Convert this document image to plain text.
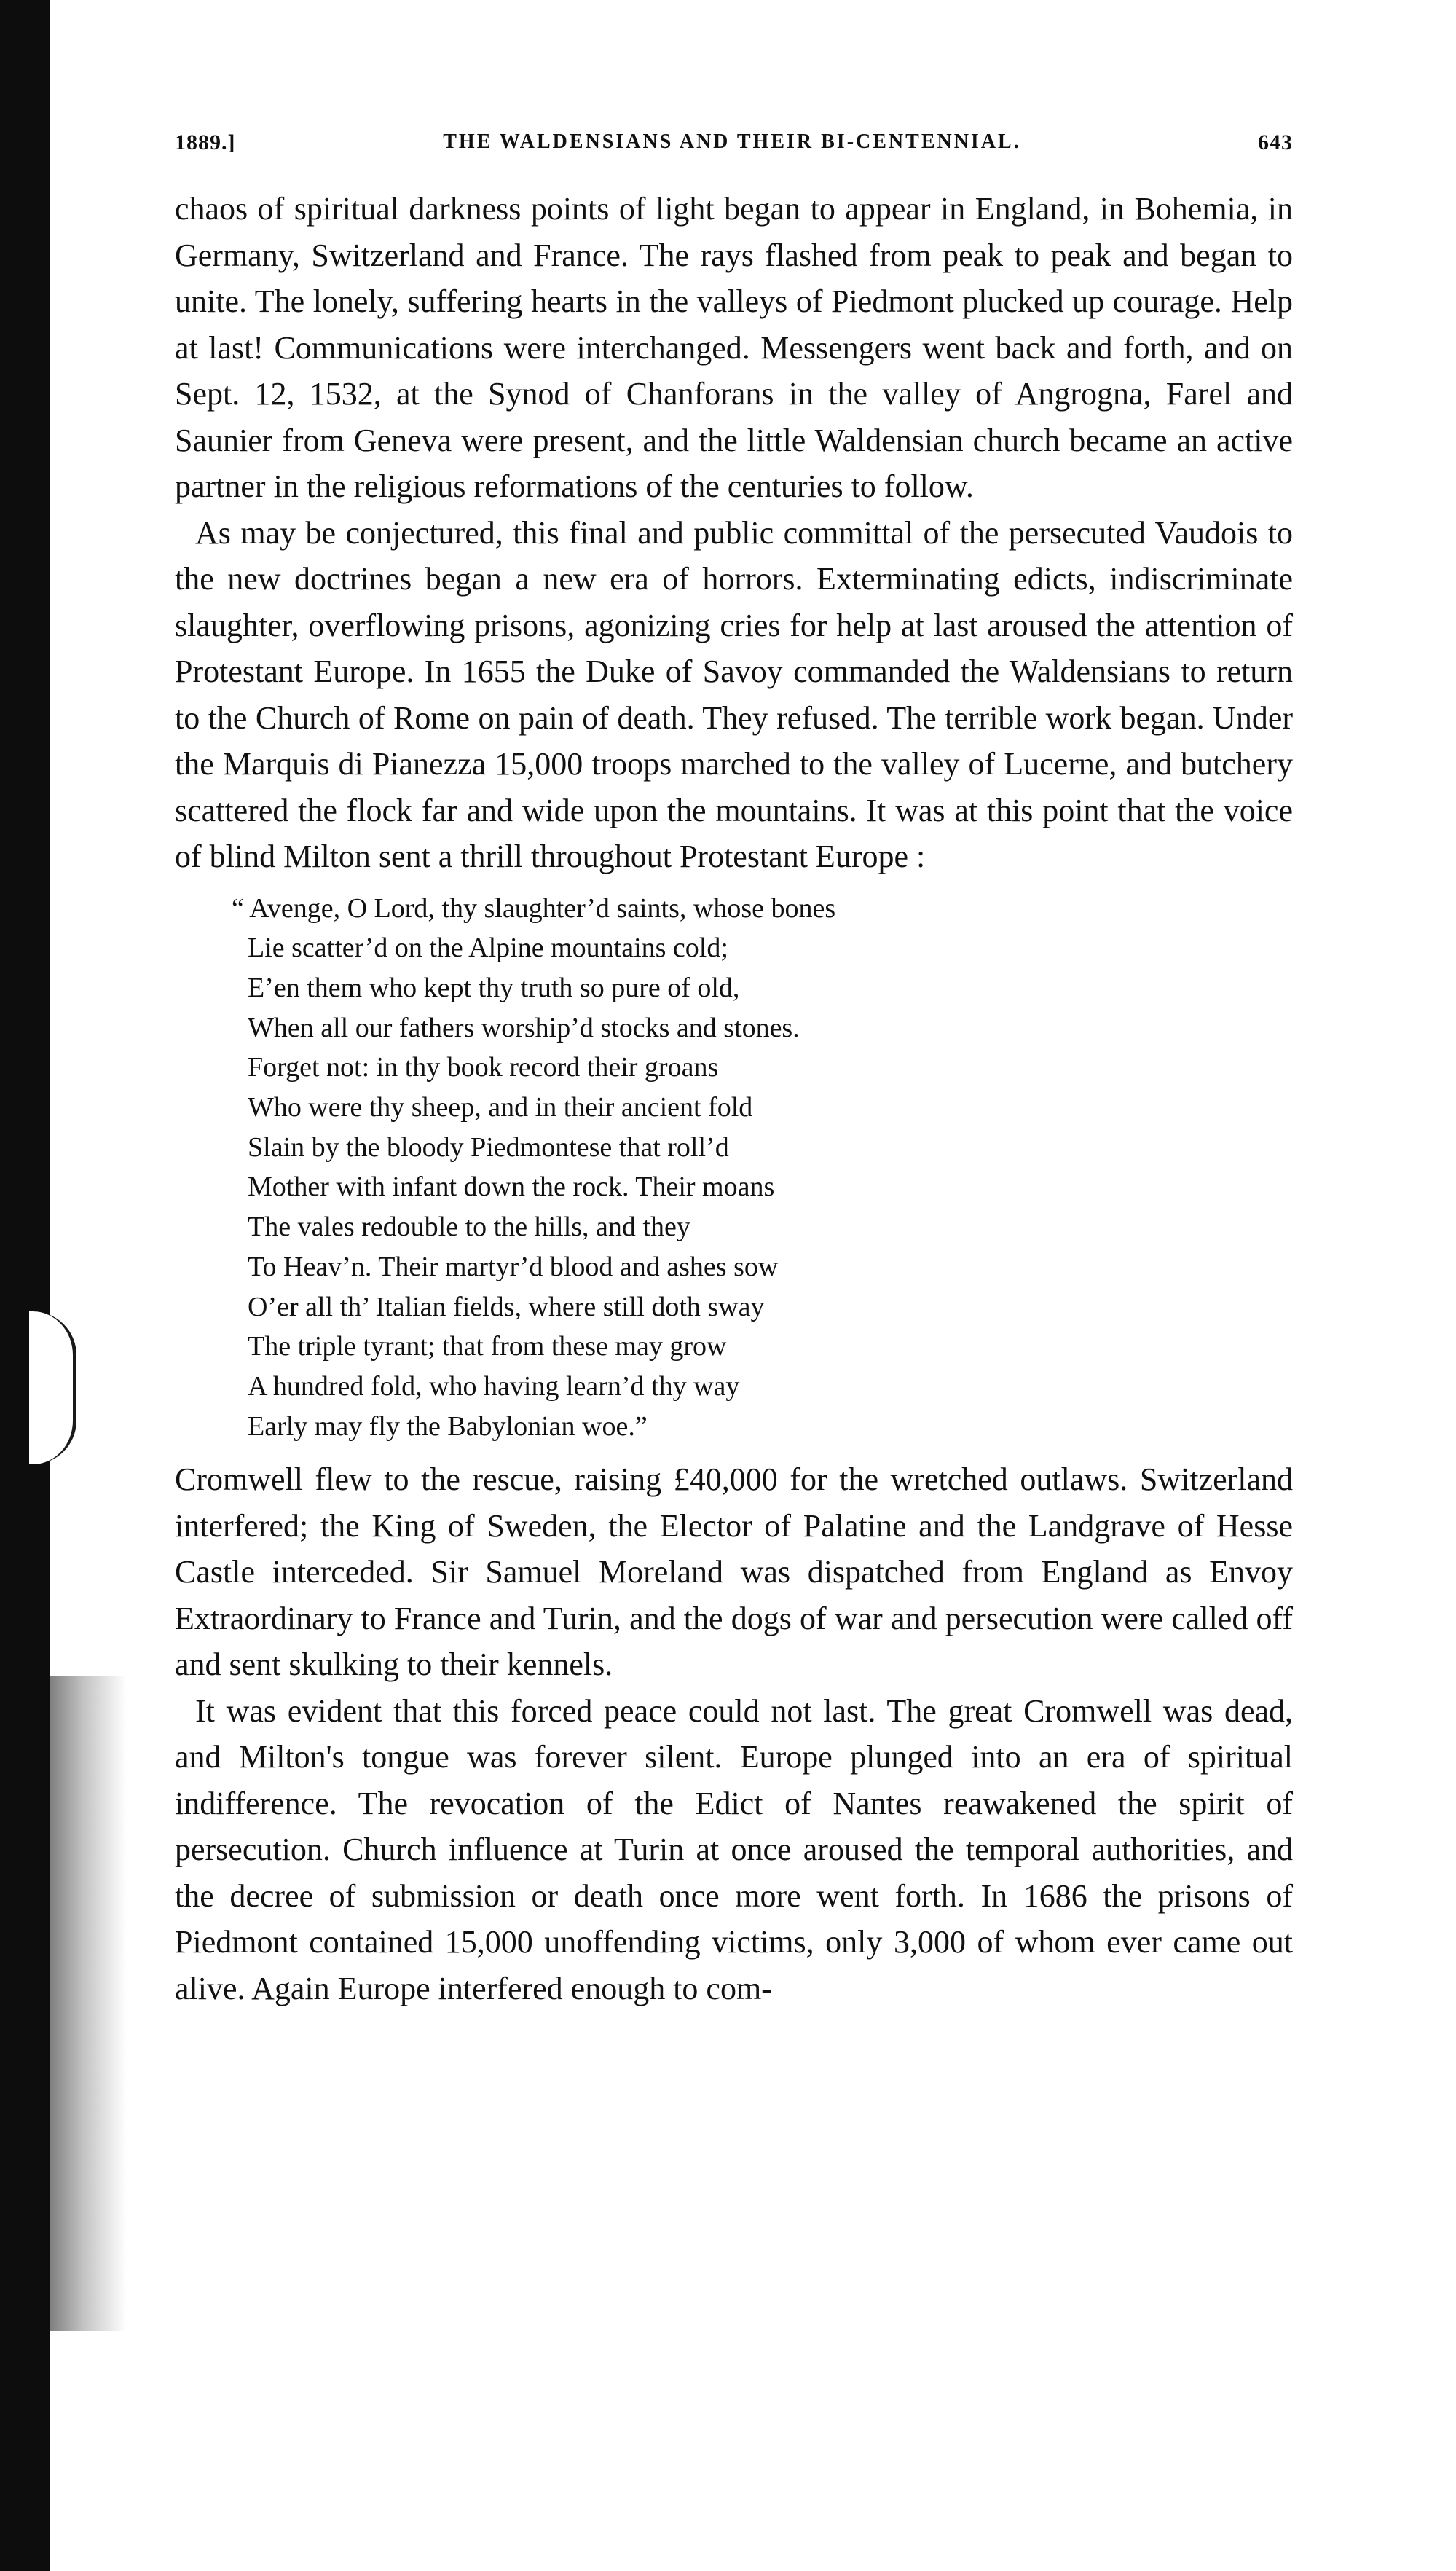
1889.]	THE WALDENSIANS AND THEIR BI-CENTENNIAL.	643

chaos of spiritual darkness points of light began to appear in England, in Bohemia, in Germany, Switzerland and France. The rays flashed from peak to peak and began to unite. The lonely, suffering hearts in the valleys of Piedmont plucked up courage. Help at last! Communications were interchanged. Messengers went back and forth, and on Sept. 12, 1532, at the Synod of Chanforans in the valley of Angrogna, Farel and Saunier from Geneva were present, and the little Waldensian church became an active partner in the religious reformations of the centuries to follow.

As may be conjectured, this final and public committal of the persecuted Vaudois to the new doctrines began a new era of horrors. Exterminating edicts, indiscriminate slaughter, overflowing prisons, agonizing cries for help at last aroused the attention of Protestant Europe. In 1655 the Duke of Savoy commanded the Waldensians to return to the Church of Rome on pain of death. They refused. The terrible work began. Under the Marquis di Pianezza 15,000 troops marched to the valley of Lucerne, and butchery scattered the flock far and wide upon the mountains. It was at this point that the voice of blind Milton sent a thrill throughout Protestant Europe :

“ Avenge, O Lord, thy slaughter’d saints, whose bones
Lie scatter’d on the Alpine mountains cold;
E’en them who kept thy truth so pure of old,
When all our fathers worship’d stocks and stones.
Forget not: in thy book record their groans
Who were thy sheep, and in their ancient fold
Slain by the bloody Piedmontese that roll’d
Mother with infant down the rock. Their moans
The vales redouble to the hills, and they
To Heav’n. Their martyr’d blood and ashes sow
O’er all th’ Italian fields, where still doth sway
The triple tyrant; that from these may grow
A hundred fold, who having learn’d thy way
Early may fly the Babylonian woe.”

Cromwell flew to the rescue, raising £40,000 for the wretched outlaws. Switzerland interfered; the King of Sweden, the Elector of Palatine and the Landgrave of Hesse Castle interceded. Sir Samuel Moreland was dispatched from England as Envoy Extraordinary to France and Turin, and the dogs of war and persecution were called off and sent skulking to their kennels.

It was evident that this forced peace could not last. The great Cromwell was dead, and Milton's tongue was forever silent. Europe plunged into an era of spiritual indifference. The revocation of the Edict of Nantes reawakened the spirit of persecution. Church influence at Turin at once aroused the temporal authorities, and the decree of submission or death once more went forth. In 1686 the prisons of Piedmont contained 15,000 unoffending victims, only 3,000 of whom ever came out alive. Again Europe interfered enough to com-
